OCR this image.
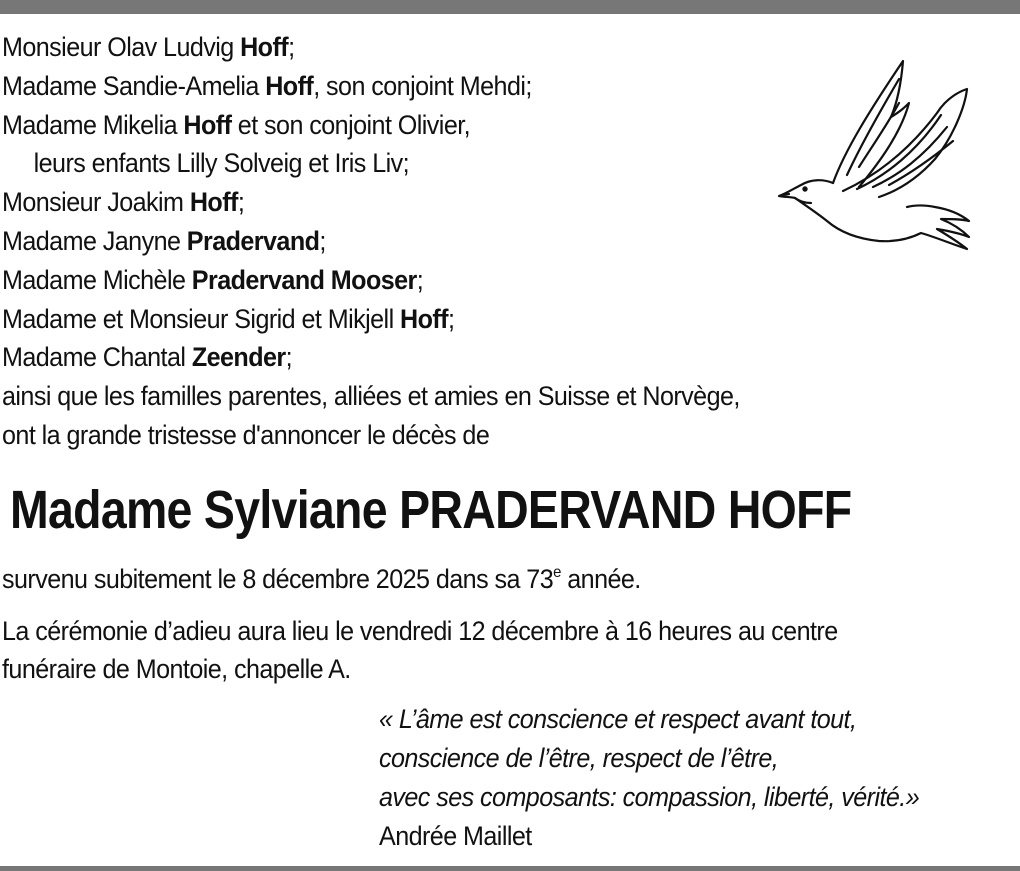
Monsieur Olav Ludvig Hoff;
Madame Sandie-Amelia Hoff, son conjoint Mehdi;
Madame Mikelia Hoff et son conjoint Olivier,
leurs enfants Lilly Solveig et Iris Liv;
Monsieur Joakim Hoff;
Madame Janyne Pradervand;
Madame Michèle Pradervand Mooser;
Madame et Monsieur Sigrid et Mikjell Hoff;
Madame Chantal Zeender;
ainsi que les familles parentes, alliées et amies en Suisse et Norvège,
ont la grande tristesse d'annoncer le décès de
Madame Sylviane PRADERVAND HOFF
survenu subitement le 8 décembre 2025 dans sa 73e année.
La cérémonie d’adieu aura lieu le vendredi 12 décembre à 16 heures au centre
funéraire de Montoie, chapelle A.
« L’âme est conscience et respect avant tout,
conscience de l’être, respect de l’être,
avec ses composants: compassion, liberté, vérité.»
Andrée Maillet
